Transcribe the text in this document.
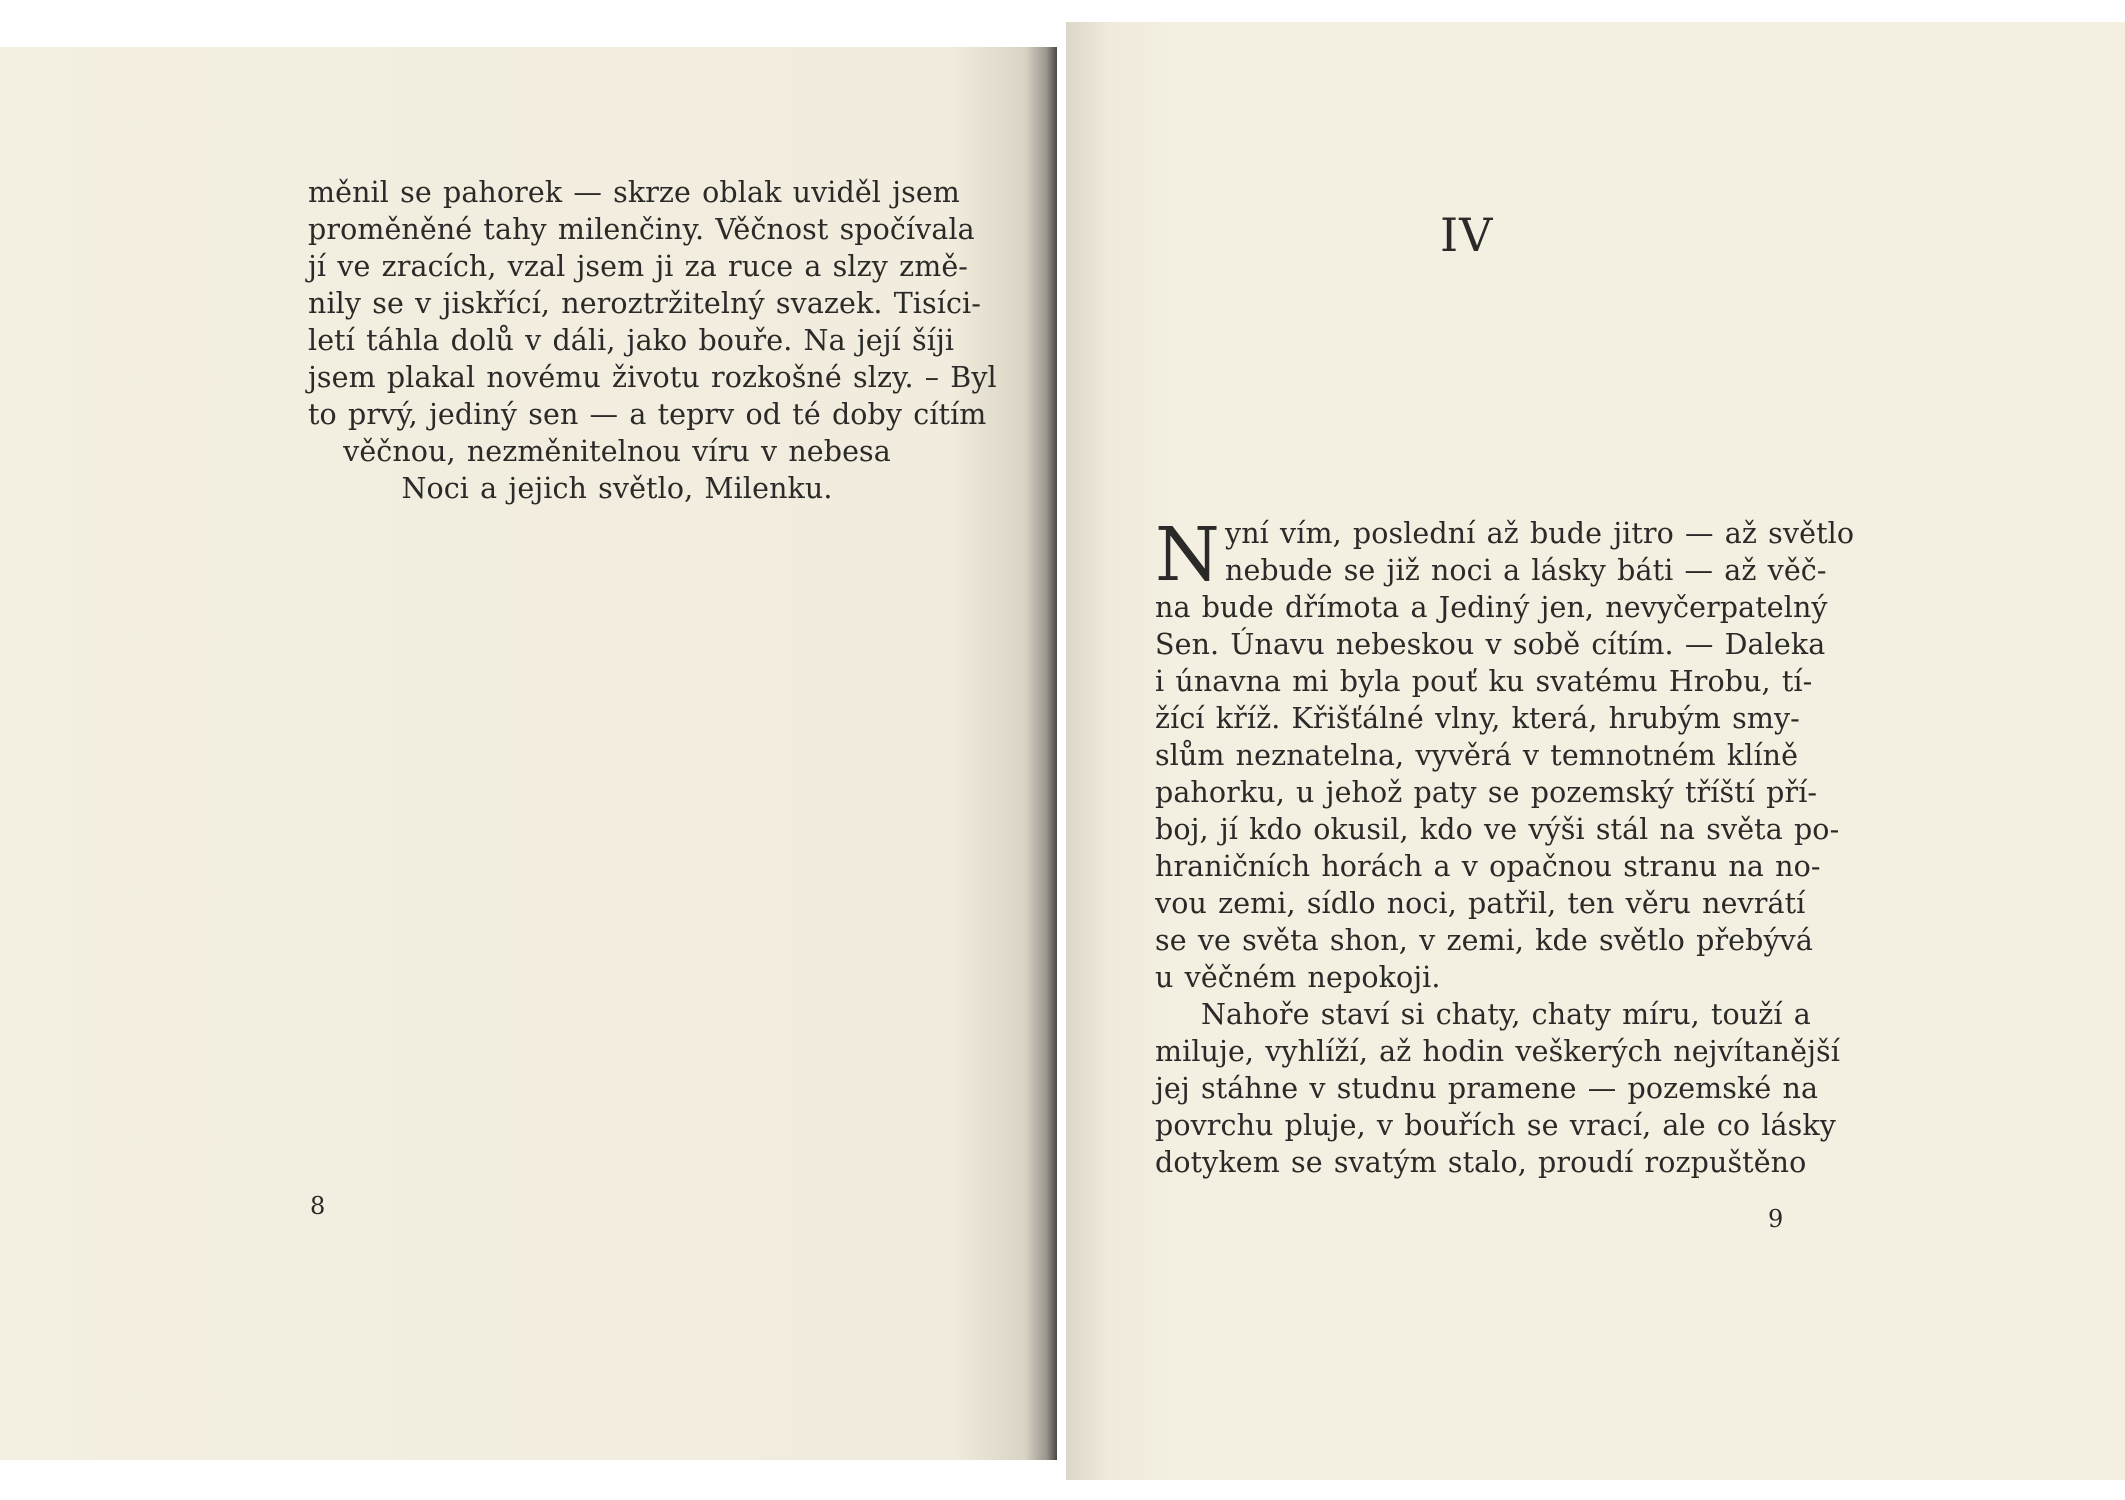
měnil se pahorek — skrze oblak uviděl jsem
proměněné tahy milenčiny. Věčnost spočívala
jí ve zracích, vzal jsem ji za ruce a slzy změ-
nily se v jiskřící, neroztržitelný svazek. Tisíci-
letí táhla dolů v dáli, jako bouře. Na její šíji
jsem plakal novému životu rozkošné slzy. – Byl
to prvý, jediný sen — a teprv od té doby cítím
věčnou, nezměnitelnou víru v nebesa
Noci a jejich světlo, Milenku.
8
IV
N yní vím, poslední až bude jitro — až světlo
nebude se již noci a lásky báti — až věč-
na bude dřímota a Jediný jen, nevyčerpatelný
Sen. Únavu nebeskou v sobě cítím. — Daleka
i únavna mi byla pouť ku svatému Hrobu, tí-
žící kříž. Křišťálné vlny, která, hrubým smy-
slům neznatelna, vyvěrá v temnotném klíně
pahorku, u jehož paty se pozemský tříští pří-
boj, jí kdo okusil, kdo ve výši stál na světa po-
hraničních horách a v opačnou stranu na no-
vou zemi, sídlo noci, patřil, ten věru nevrátí
se ve světa shon, v zemi, kde světlo přebývá
u věčném nepokoji.
Nahoře staví si chaty, chaty míru, touží a
miluje, vyhlíží, až hodin veškerých nejvítanější
jej stáhne v studnu pramene — pozemské na
povrchu pluje, v bouřích se vrací, ale co lásky
dotykem se svatým stalo, proudí rozpuštěno
9
